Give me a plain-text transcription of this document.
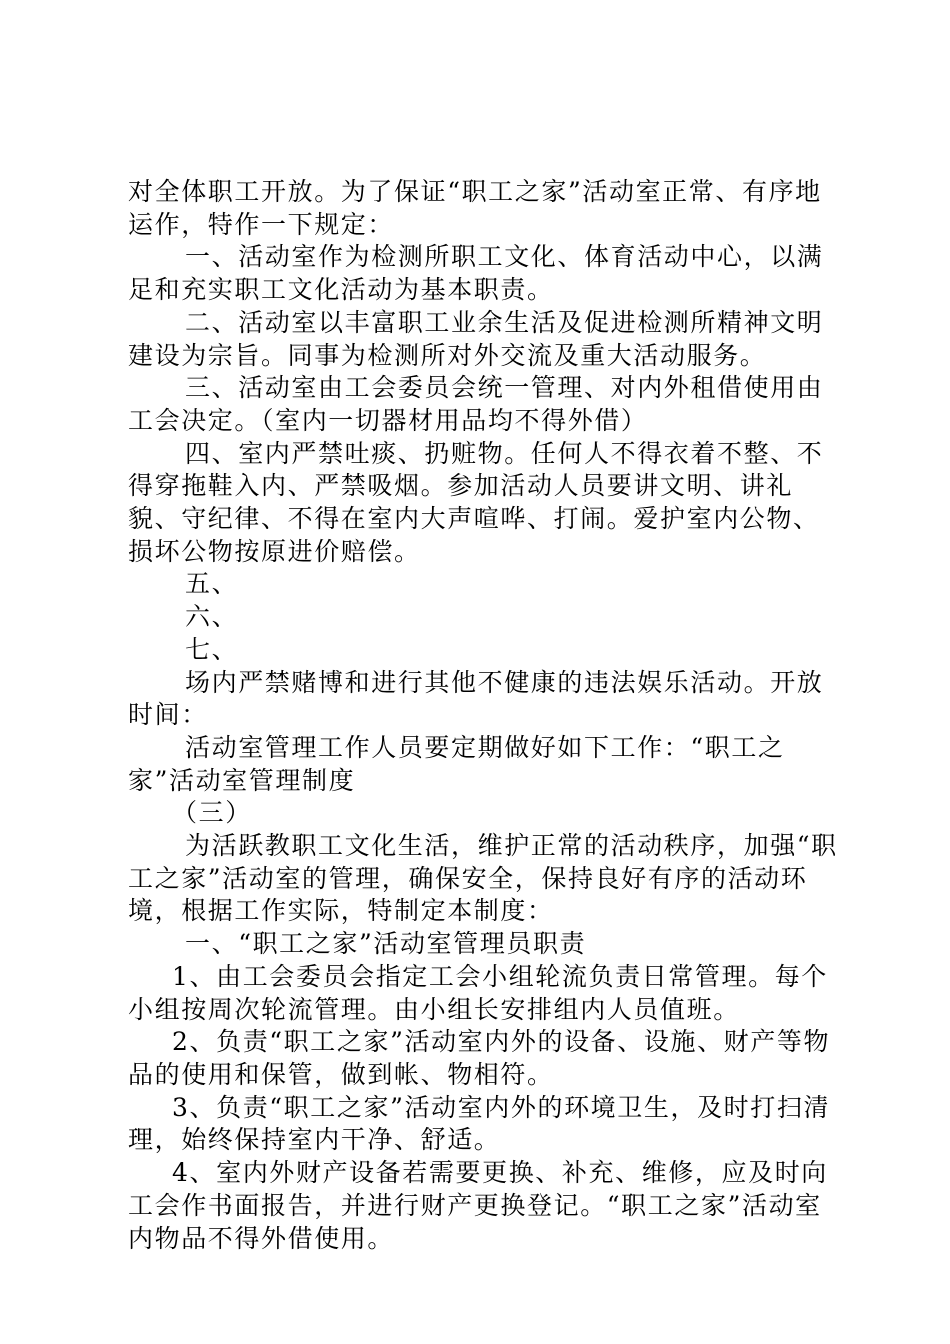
对全体职工开放。为了保证“职工之家”活动室正常、有序地运作，特作一下规定：

一、活动室作为检测所职工文化、体育活动中心，以满足和充实职工文化活动为基本职责。

二、活动室以丰富职工业余生活及促进检测所精神文明建设为宗旨。同事为检测所对外交流及重大活动服务。

三、活动室由工会委员会统一管理、对内外租借使用由工会决定。（室内一切器材用品均不得外借）

四、室内严禁吐痰、扔赃物。任何人不得衣着不整、不得穿拖鞋入内、严禁吸烟。参加活动人员要讲文明、讲礼貌、守纪律、不得在室内大声喧哗、打闹。爱护室内公物、损坏公物按原进价赔偿。

五、

六、

七、

场内严禁赌博和进行其他不健康的违法娱乐活动。开放时间：

活动室管理工作人员要定期做好如下工作：“职工之家”活动室管理制度

（三）

为活跃教职工文化生活，维护正常的活动秩序，加强“职工之家”活动室的管理，确保安全，保持良好有序的活动环境，根据工作实际，特制定本制度：

一、“职工之家”活动室管理员职责

1、由工会委员会指定工会小组轮流负责日常管理。每个小组按周次轮流管理。由小组长安排组内人员值班。

2、负责“职工之家”活动室内外的设备、设施、财产等物品的使用和保管，做到帐、物相符。

3、负责“职工之家”活动室内外的环境卫生，及时打扫清理，始终保持室内干净、舒适。

4、室内外财产设备若需要更换、补充、维修，应及时向工会作书面报告，并进行财产更换登记。“职工之家”活动室内物品不得外借使用。
